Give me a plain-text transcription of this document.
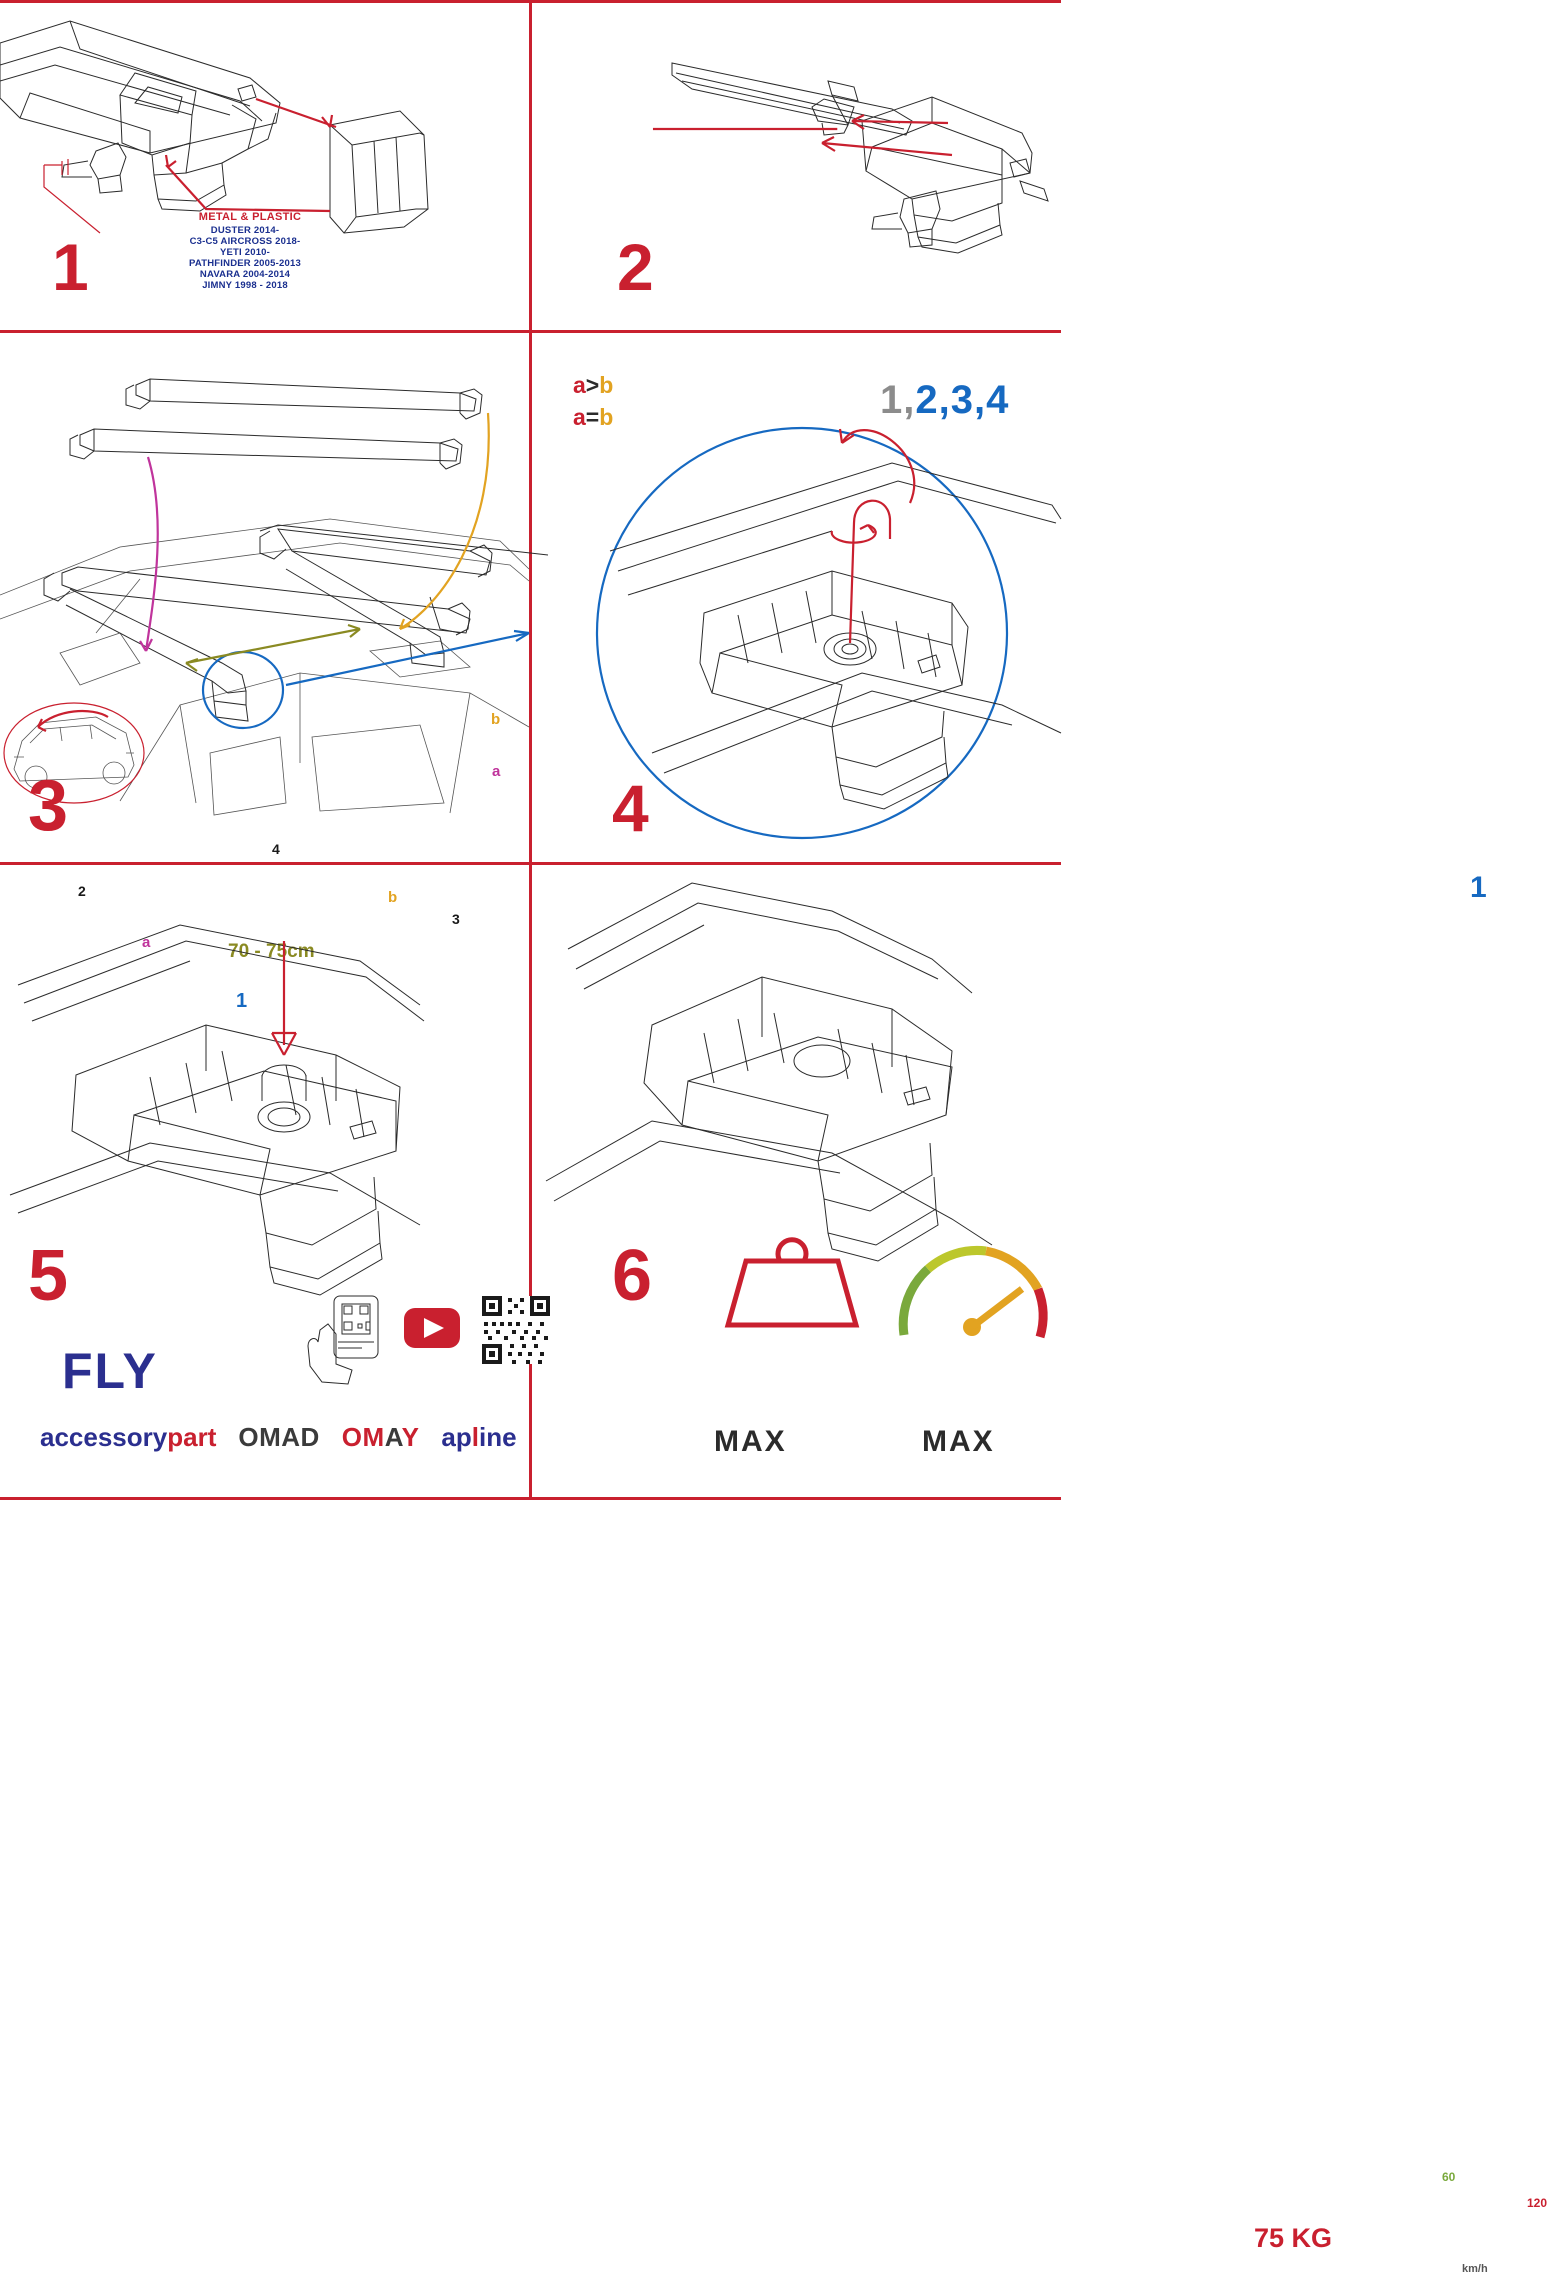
METAL & PLASTIC
DUSTER 2014-
C3-C5 AIRCROSS 2018-
YETI 2010-
PATHFINDER 2005-2013
NAVARA 2004-2014
JIMNY 1998 - 2018
1	2
b
a
a
b
2
3
4
70 - 75cm
1
3
a>b
a=b
1
4
1,2,3,4
5
FLY
accessorypart OMAD OMAY apline
75 KG
km/h
60
120
6
MAX	MAX
